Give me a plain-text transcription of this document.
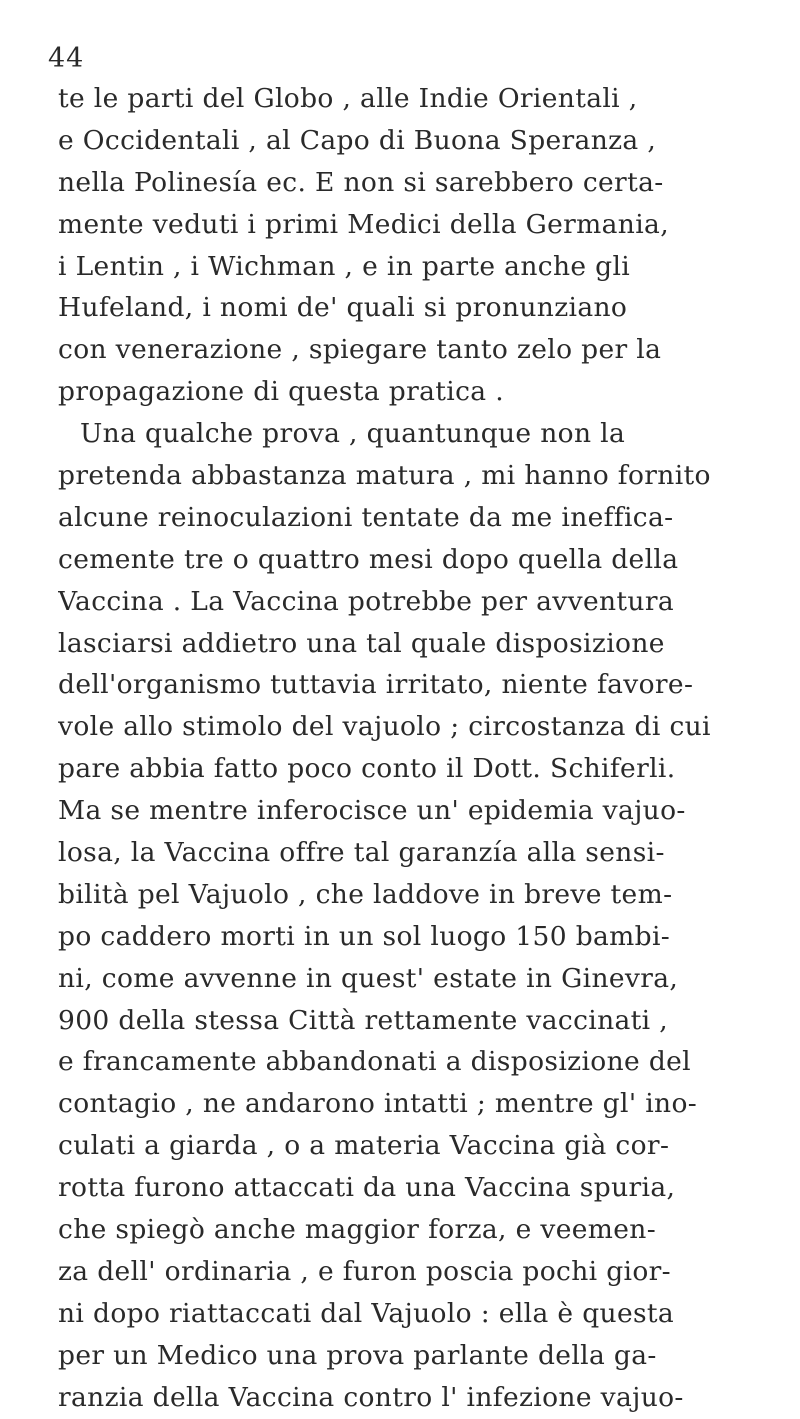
44
te le parti del Globo , alle Indie Orientali ,
e Occidentali , al Capo di Buona Speranza ,
nella Polinesía ec. E non si sarebbero certa-
mente veduti i primi Medici della Germania,
i Lentin , i Wichman , e in parte anche gli
Hufeland, i nomi de' quali si pronunziano
con venerazione , spiegare tanto zelo per la
propagazione di questa pratica .
Una qualche prova , quantunque non la
pretenda abbastanza matura , mi hanno fornito
alcune reinoculazioni tentate da me ineffica-
cemente tre o quattro mesi dopo quella della
Vaccina . La Vaccina potrebbe per avventura
lasciarsi addietro una tal quale disposizione
dell'organismo tuttavia irritato, niente favore-
vole allo stimolo del vajuolo ; circostanza di cui
pare abbia fatto poco conto il Dott. Schiferli.
Ma se mentre inferocisce un' epidemia vajuo-
losa, la Vaccina offre tal garanzía alla sensi-
bilità pel Vajuolo , che laddove in breve tem-
po caddero morti in un sol luogo 150 bambi-
ni, come avvenne in quest' estate in Ginevra,
900 della stessa Città rettamente vaccinati ,
e francamente abbandonati a disposizione del
contagio , ne andarono intatti ; mentre gl' ino-
culati a giarda , o a materia Vaccina già cor-
rotta furono attaccati da una Vaccina spuria,
che spiegò anche maggior forza, e veemen-
za dell' ordinaria , e furon poscia pochi gior-
ni dopo riattaccati dal Vajuolo : ella è questa
per un Medico una prova parlante della ga-
ranzia della Vaccina contro l' infezione vajuo-
